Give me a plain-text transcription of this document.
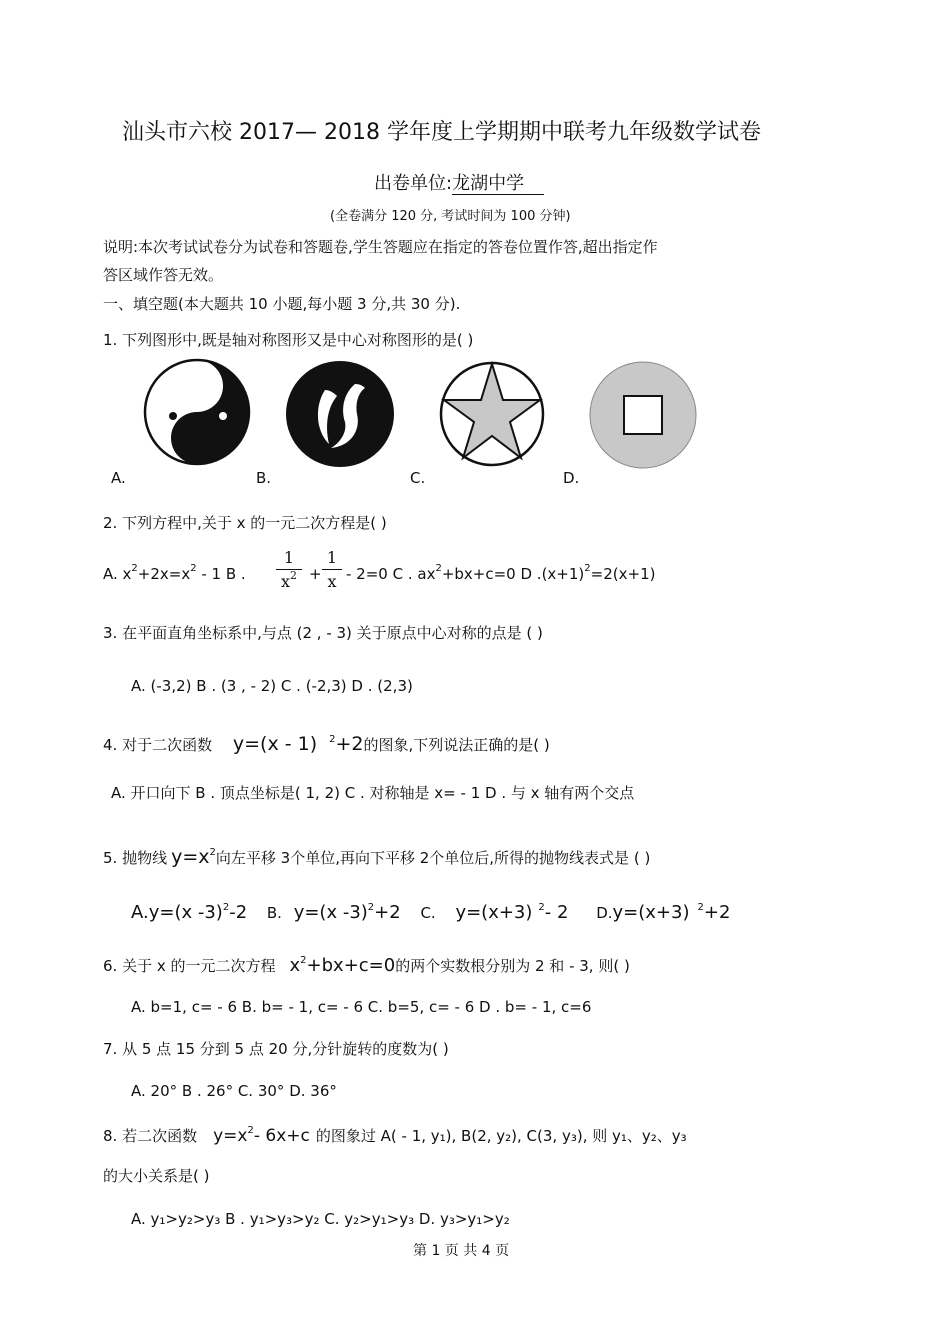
汕头市六校 2017— 2018 学年度上学期期中联考九年级数学试卷
出卷单位:龙湖中学
(全卷满分 120 分, 考试时间为 100 分钟)
说明:本次考试试卷分为试卷和答题卷,学生答题应在指定的答卷位置作答,超出指定作
答区域作答无效。
一、填空题(本大题共 10 小题,每小题 3 分,共 30 分).
1. 下列图形中,既是轴对称图形又是中心对称图形的是( )
A.	B.	C.	D.
2. 下列方程中,关于 x 的一元二次方程是( )
A. $x^2+2x=x^2 - 1$ B .
1
$x^2$ +
1
x - 2=0 C . $ax^2+bx+c=0$ D $.(x+1)^2=2(x+1)$
3. 在平面直角坐标系中,与点 (2 , - 3) 关于原点中心对称的点是 ( )
A. (-3,2) B . (3 , - 2) C . (-2,3) D . (2,3)
4. 对于二次函数 y=(x - 1) $^2$+2的图象,下列说法正确的是( )
A. 开口向下 B . 顶点坐标是( 1, 2) C . 对称轴是 x= - 1 D . 与 x 轴有两个交点
5. 抛物线 $y=x^2$向左平移 3个单位,再向下平移 2个单位后,所得的抛物线表式是 ( )
A.y=(x -3)$^2$-2 B. y=(x -3)$^2$+2 C. y=(x+3) $^2$- 2 D.y=(x+3) $^2$+2
6. 关于 x 的一元二次方程 $x^2+bx+c=0$的两个实数根分别为 2 和 - 3, 则( )
A. b=1, c= - 6 B. b= - 1, c= - 6 C. b=5, c= - 6 D . b= - 1, c=6
7. 从 5 点 15 分到 5 点 20 分,分针旋转的度数为( )
A. 20° B . 26° C. 30° D. 36°
8. 若二次函数 $y=x^2-$ 6x+c 的图象过 A( - 1, y₁), B(2, y₂), C(3, y₃), 则 y₁、y₂、y₃
的大小关系是( )
A. y₁>y₂>y₃ B . y₁>y₃>y₂ C. y₂>y₁>y₃ D. y₃>y₁>y₂
第 1 页 共 4 页
